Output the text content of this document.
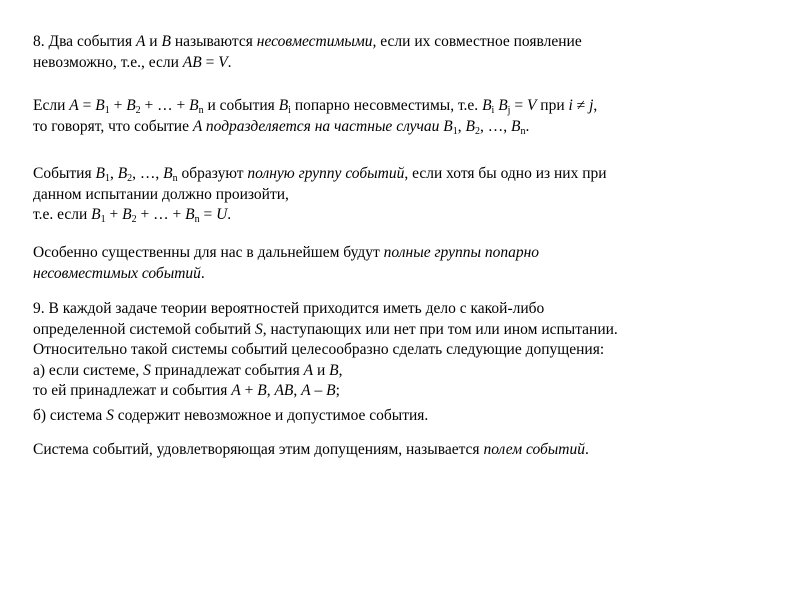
8. Два события A и B называются несовместимыми, если их совместное появление
невозможно, т.е., если AB = V.

Если $A = B_1 + B_2$ + … + $B_n$ и события $B_i$ попарно несовместимы, т.е. $B_i$ $B_j = V$ при i ≠ j,
то говорят, что событие A подразделяется на частные случаи $B_1$, $B_2$, …, $B_n$.

События $B_1$, $B_2$, …, $B_n$ образуют полную группу событий, если хотя бы одно из них при
данном испытании должно произойти,
т.е. если $B_1 + B_2$ + … + $B_n = U$.

Особенно существенны для нас в дальнейшем будут полные группы попарно
несовместимых событий.

9. В каждой задаче теории вероятностей приходится иметь дело с какой-либо
определенной системой событий S, наступающих или нет при том или ином испытании.
Относительно такой системы событий целесообразно сделать следующие допущения:
а) если системе, S принадлежат события A и B,
то ей принадлежат и события A + B, AB, A – B;

б) система S содержит невозможное и допустимое события.

Система событий, удовлетворяющая этим допущениям, называется полем событий.
